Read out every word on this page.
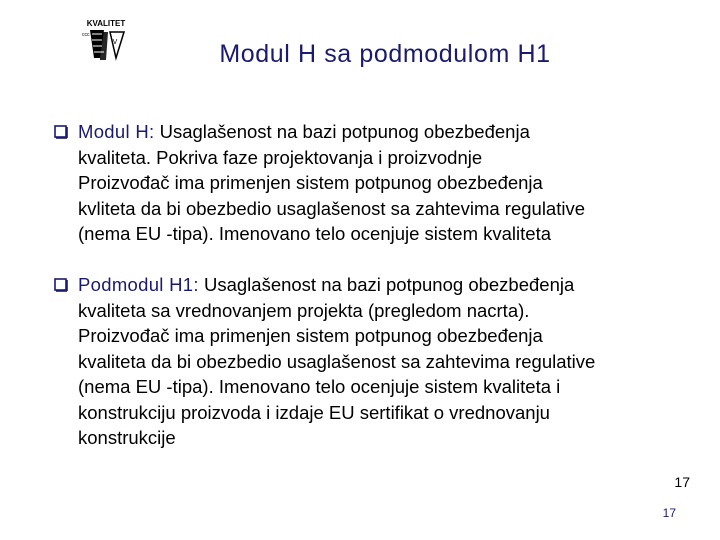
KVALITET
ccc
V	Modul H sa podmodulom H1
Modul H: Usaglašenost na bazi potpunog obezbeđenja
kvaliteta. Pokriva faze projektovanja i proizvodnje
Proizvođač ima primenjen sistem potpunog obezbeđenja
kvliteta da bi obezbedio usaglašenost sa zahtevima regulative
(nema EU -tipa). Imenovano telo ocenjuje sistem kvaliteta
Podmodul H1: Usaglašenost na bazi potpunog obezbeđenja
kvaliteta sa vrednovanjem projekta (pregledom nacrta).
Proizvođač ima primenjen sistem potpunog obezbeđenja
kvaliteta da bi obezbedio usaglašenost sa zahtevima regulative
(nema EU -tipa). Imenovano telo ocenjuje sistem kvaliteta i
konstrukciju proizvoda i izdaje EU sertifikat o vrednovanju
konstrukcije
17
17
